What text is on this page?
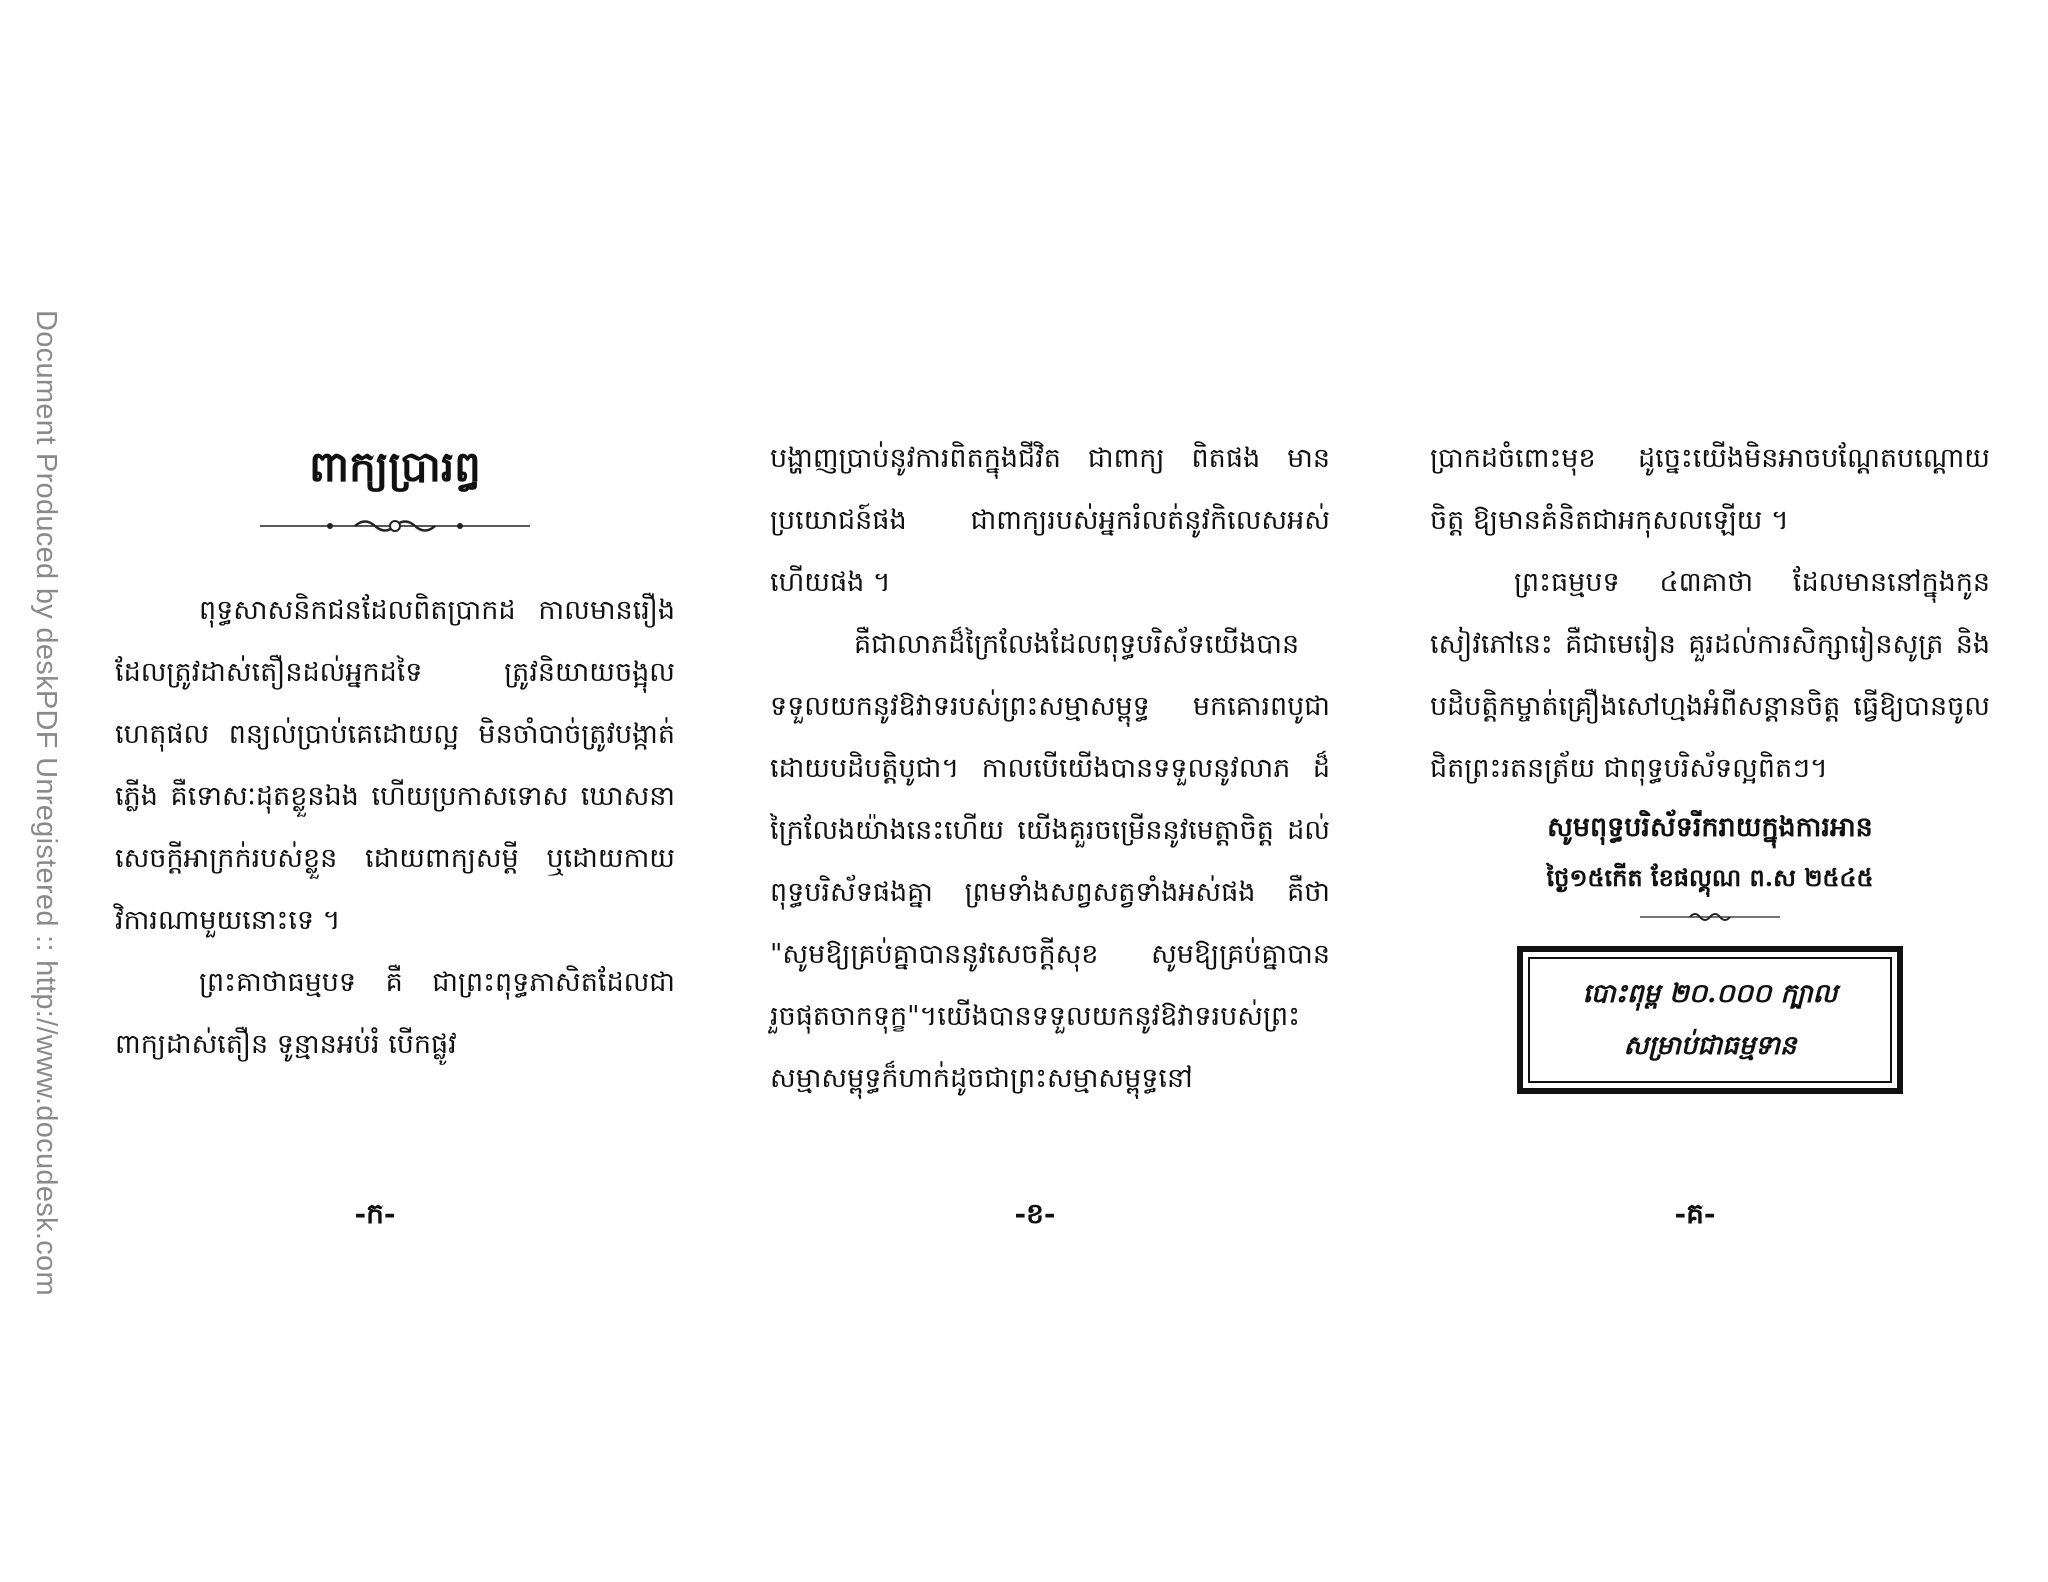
Document Produced by deskPDF Unregistered :: http://www.docudesk.com	ពាក្យប្រារព្ធ

ពុទ្ធសាសនិកជនដែលពិតប្រាកដ កាលមានរឿងដែលត្រូវដាស់តឿនដល់អ្នកដទៃ ត្រូវនិយាយចង្អុលហេតុផល ពន្យល់ប្រាប់គេដោយល្អ មិនចាំបាច់ត្រូវបង្កាត់ភ្លើង គឺទោសៈដុតខ្លួនឯង ហើយប្រកាសទោស ឃោសនាសេចក្ដីអាក្រក់របស់ខ្លួន ដោយពាក្យសម្ដី ឬដោយកាយវិការណាមួយនោះទេ ។

ព្រះគាថាធម្មបទ គឺ ជាព្រះពុទ្ធភាសិតដែលជាពាក្យដាស់តឿន ទូន្មានអប់រំ បើកផ្លូវ

បង្ហាញប្រាប់នូវការពិតក្នុងជីវិត ជាពាក្យ ពិតផង មានប្រយោជន៍ផង ជាពាក្យរបស់អ្នករំលត់នូវកិលេសអស់ហើយផង ។

គឺជាលាភដ៏ក្រៃលែងដែលពុទ្ធបរិស័ទយើងបានទទួលយកនូវឱវាទរបស់ព្រះសម្មាសម្ពុទ្ធ មកគោរពបូជា ដោយបដិបត្តិបូជា។ កាលបើយើងបានទទួលនូវលាភ ដ៏ក្រៃលែងយ៉ាងនេះហើយ យើងគួរចម្រើននូវមេត្តាចិត្ត ដល់ពុទ្ធបរិស័ទផងគ្នា ព្រមទាំងសព្វសត្វទាំងអស់ផង គឺថា "សូមឱ្យគ្រប់គ្នាបាននូវសេចក្ដីសុខ សូមឱ្យគ្រប់គ្នាបានរួចផុតចាកទុក្ខ"។យើងបានទទួលយកនូវឱវាទរបស់ព្រះសម្មាសម្ពុទ្ធក៏ហាក់ដូចជាព្រះសម្មាសម្ពុទ្ធនៅ

ប្រាកដចំពោះមុខ ដូច្នេះយើងមិនអាចបណ្ដែតបណ្ដោយចិត្ត ឱ្យមានគំនិតជាអកុសលឡើយ ។

ព្រះធម្មបទ ៤៣គាថា ដែលមាននៅក្នុងកូនសៀវភៅនេះ គឺជាមេរៀន គួរដល់ការសិក្សារៀនសូត្រ និងបដិបត្តិកម្ចាត់គ្រឿងសៅហ្មងអំពីសន្ដានចិត្ត ធ្វើឱ្យបានចូលជិតព្រះរតនត្រ័យ ជាពុទ្ធបរិស័ទល្អពិតៗ។

សូមពុទ្ធបរិស័ទរីករាយក្នុងការអាន

ថ្ងៃ១៥កើត ខែផល្គុណ ព.ស ២៥៤៥

បោះពុម្ព ២០.០០០ ក្បាល
សម្រាប់ជាធម្មទាន
-ក-	-ខ-	-គ-
